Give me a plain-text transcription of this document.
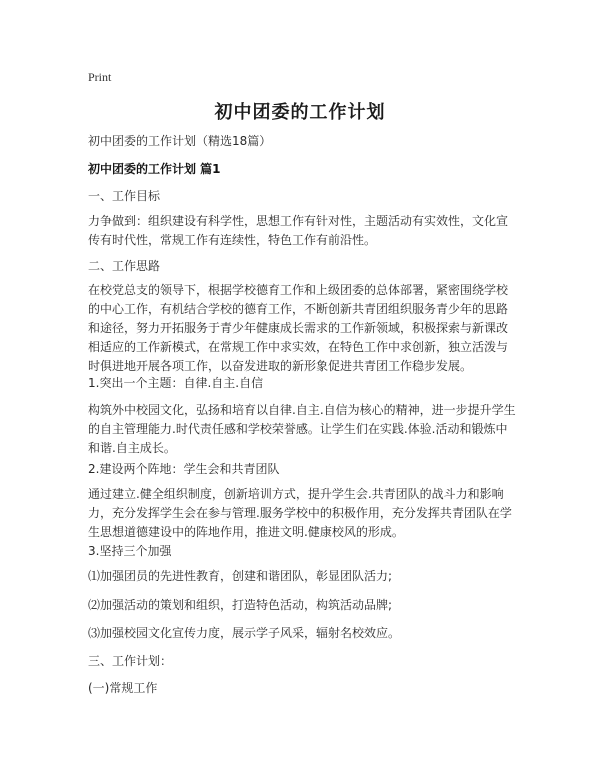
Print
初中团委的工作计划
初中团委的工作计划（精选18篇）
初中团委的工作计划 篇1
一、工作目标
力争做到：组织建设有科学性，思想工作有针对性，主题活动有实效性，文化宣传有时代性，常规工作有连续性，特色工作有前沿性。
二、工作思路
在校党总支的领导下，根据学校德育工作和上级团委的总体部署，紧密围绕学校的中心工作，有机结合学校的德育工作，不断创新共青团组织服务青少年的思路和途径，努力开拓服务于青少年健康成长需求的工作新领域，积极探索与新课改相适应的工作新模式，在常规工作中求实效，在特色工作中求创新，独立活泼与时俱进地开展各项工作，以奋发进取的新形象促进共青团工作稳步发展。
1.突出一个主题：自律.自主.自信
构筑外中校园文化，弘扬和培育以自律.自主.自信为核心的精神，进一步提升学生的自主管理能力.时代责任感和学校荣誉感。让学生们在实践.体验.活动和锻炼中和谐.自主成长。
2.建设两个阵地：学生会和共青团队
通过建立.健全组织制度，创新培训方式，提升学生会.共青团队的战斗力和影响力，充分发挥学生会在参与管理.服务学校中的积极作用，充分发挥共青团队在学生思想道德建设中的阵地作用，推进文明.健康校风的形成。
3.坚持三个加强
⑴加强团员的先进性教育，创建和谐团队，彰显团队活力;
⑵加强活动的策划和组织，打造特色活动，构筑活动品牌;
⑶加强校园文化宣传力度，展示学子风采，辐射名校效应。
三、工作计划：
(一)常规工作
